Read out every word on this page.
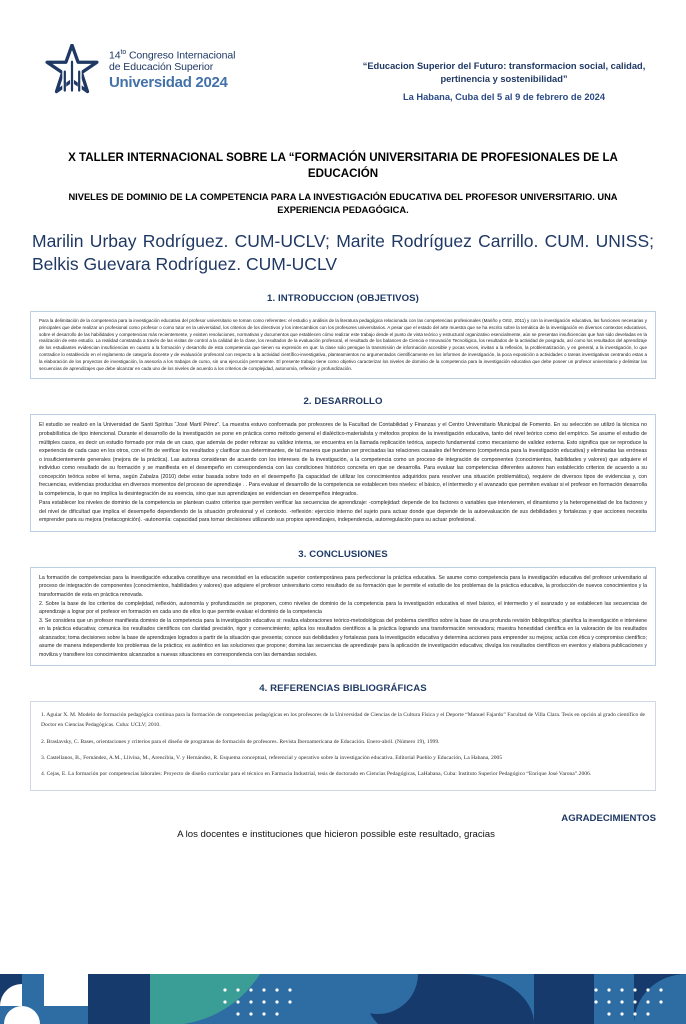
$14^{to}$ Congreso Internacional
de Educación Superior
Universidad 2024
“Educacion Superior del Futuro: transformacion social, calidad, pertinencia y sostenibilidad”
La Habana, Cuba del 5 al 9 de febrero de 2024
X TALLER INTERNACIONAL SOBRE LA “FORMACIÓN UNIVERSITARIA DE PROFESIONALES DE LA EDUCACIÓN
NIVELES DE DOMINIO DE LA COMPETENCIA PARA LA INVESTIGACIÓN EDUCATIVA DEL PROFESOR UNIVERSITARIO. UNA EXPERIENCIA PEDAGÓGICA.
Marilin Urbay Rodríguez. CUM-UCLV; Marite Rodríguez Carrillo. CUM. UNISS; Belkis Guevara Rodríguez. CUM-UCLV
1. INTRODUCCION (OBJETIVOS)

Para la delimitación de la competencia para la investigación educativa del profesor universitario se toman como referentes: el estudio y análisis de la literatura pedagógica relacionada con las competencias profesionales (Mariño y Ortiz, 2011) y con la investigación educativa, las funciones necesarias y principales que debe realizar un profesional como profesor o como tutor en la universidad, los criterios de los directivos y los intercambios con los profesores universitarios. A pesar que el estado del arte muestra que se ha escrito sobre la temática de la investigación en diversos contextos educativos, sobre el desarrollo de las habilidades y competencias más recientemente, y existen resoluciones, normativas y documentos que establecen cómo realizar este trabajo desde el punto de vista teórico y estructural organizativo esencialmente, aún se presentan insuficiencias que han sido develadas en la realización de este estudio. La realidad constatada a través de las visitas de control a la calidad de la clase, los resultados de la evaluación profesoral, el resultado de los balances de Ciencia e Innovación Tecnológica, los resultados de la actividad de posgrado, así como los resultados del aprendizaje de los estudiantes evidencian insuficiencias en cuanto a la formación y desarrollo de esta competencia que tienen su expresión en que: la clase solo persigue la transmisión de información accesible y pocas veces, invitan a la reflexión, la problematización, y en general, a la investigación, lo que contradice lo establecido en el reglamento de categoría docente y de evaluación profesoral con respecto a la actividad científico-investigativa, planteamientos no argumentados científicamente en los informes de investigación, la poca exposición a actividades o tareas investigativas centrando estas a la elaboración de los proyectos de investigación, la asesoría a los trabajos de curso, sin una ejecución permanente. El presente trabajo tiene como objetivo caracterizar los niveles de dominio de la competencia para la investigación educativa que debe poseer un profesor universitario y delimitar las secuencias de aprendizajes que debe alcanzar en cada uno de los niveles de acuerdo a los criterios de complejidad, autonomía, reflexión y profundización.

2. DESARROLLO

El estudio se realizó en la Universidad de Santi Spíritus “José Martí Pérez”. La muestra estuvo conformada por profesores de la Facultad de Contabilidad y Finanzas y el Centro Universitario Municipal de Fomento. En su selección se utilizó la técnica no probabilística de tipo intencional. Durante el desarrollo de la investigación se pone en práctica como método general el dialéctico-materialista y métodos propios de la investigación educativa, tanto del nivel teórico como del empírico. Se asume el estudio de múltiples casos, es decir un estudio formado por más de un caso, que además de poder reforzar su validez interna, se encuentra en la llamada replicación teórica, aspecto fundamental como mecanismo de validez externa. Esto significa que se reproduce la experiencia de cada caso en los otros, con el fin de verificar los resultados y clarificar sus determinantes, de tal manera que puedan ser precisadas las relaciones causales del fenómeno (competencia para la investigación educativa) y eliminadas las erróneas o insuficientemente generales (mejora de la práctica). Las autoras consideran de acuerdo con los intereses de la investigación, a la competencia como un proceso de integración de componentes (conocimientos, habilidades y valores) que adquiere el individuo como resultado de su formación y se manifiesta en el desempeño en correspondencia con las condiciones histórico concreta en que se desarrolla. Para evaluar las competencias diferentes autores han establecido criterios de acuerdo a su concepción teórica sobre el tema, según Zabalza (2010) debe estar basada sobre todo en el desempeño (la capacidad de utilizar los conocimientos adquiridos para resolver una situación problemática), requiere de diversos tipos de evidencias y, con frecuencias, evidencias producidas en diversos momentos del proceso de aprendizaje . . Para evaluar el desarrollo de la competencia se establecen tres niveles: el básico, el intermedio y el avanzado que permiten evaluar si el profesor en formación desarrolla la competencia, lo que no implica la desintegración de su esencia, sino que sus aprendizajes se evidencian en desempeños integrados.

Para establecer los niveles de dominio de la competencia se plantean cuatro criterios que permiten verificar las secuencias de aprendizaje: -complejidad: depende de los factores o variables que intervienen, el dinamismo y la heterogeneidad de los factores y del nivel de dificultad que implica el desempeño dependiendo de la situación profesional y el contexto. -reflexión: ejercicio interno del sujeto para actuar donde que depende de la autoevaluación de sus debilidades y fortalezas y que acciones necesita emprender para su mejora (metacognición). -autonomía: capacidad para tomar decisiones utilizando sus propios aprendizajes, independencia, autorregulación para su actuar profesional.

3. CONCLUSIONES

La formación de competencias para la investigación educativa constituye una necesidad en la educación superior contemporánea para perfeccionar la práctica educativa. Se asume como competencia para la investigación educativa del profesor universitario al proceso de integración de componentes (conocimientos, habilidades y valores) que adquiere el profesor universitario como resultado de su formación que le permite el estudio de los problemas de la práctica educativa, la producción de nuevos conocimientos y la transformación de esta en práctica renovada.

2. Sobre la base de los criterios de complejidad, reflexión, autonomía y profundización se proponen, como niveles de dominio de la competencia para la investigación educativa el nivel básico, el intermedio y el avanzado y se establecen las secuencias de aprendizaje a lograr por el profesor en formación en cada uno de ellos lo que permite evaluar el dominio de la competencia

3. Se considera que un profesor manifiesta dominio de la competencia para la investigación educativa si: realiza elaboraciones teórico-metodológicas del problema científico sobre la base de una profunda revisión bibliográfica; planifica la investigación e interviene en la práctica educativa; comunica los resultados científicos con claridad precisión, rigor y convencimiento; aplica los resultados científicos a la práctica logrando una transformación renovadora; muestra honestidad científica en la valoración de los resultados alcanzados; toma decisiones sobre la base de aprendizajes logrados a partir de la situación que presenta; conoce sus debilidades y fortalezas para la investigación educativa y determina acciones para emprender su mejora; actúa con ética y compromiso científico; asume de manera independiente los problemas de la práctica; es auténtico en las soluciones que propone; domina las secuencias de aprendizaje para la aplicación de investigación educativa; divulga los resultados científicos en eventos y elabora publicaciones y moviliza y transfiere los conocimientos alcanzados a nuevas situaciones en correspondencia con las demandas sociales.

4. REFERENCIAS BIBLIOGRÁFICAS

1. Aguiar X. M. Modelo de formación pedagógica continua para la formación de competencias pedagógicas en los profesores de la Universidad de Ciencias de la Cultura Física y el Deporte “Manuel Fajardo” Facultad de Villa Clara. Tesis en opción al grado científico de Doctor en Ciencias Pedagógicas. Cuba: UCLV; 2010.

2. Braslavsky, C. Bases, orientaciones y criterios para el diseño de programas de formación de profesores. Revista Iberoamericana de Educación. Enero-abril. (Número 19), 1999.

3. Castellanos, B., Fernández, A.M., Llivina, M., Arencibia, V. y Hernández, R. Esquema conceptual, referencial y operativo sobre la investigación educativa. Editorial Pueblo y Educación, La Habana, 2005

4. Cejas, E. La formación por competencias laborales: Proyecto de diseño curricular para el técnico en Farmacia Industrial, tesis de doctorado en Ciencias Pedagógicas, LaHabana, Cuba: Instituto Superior Pedagógico “Enrique José Varona”.2006.

AGRADECIMIENTOS
A los docentes e instituciones que hicieron possible este resultado, gracias
